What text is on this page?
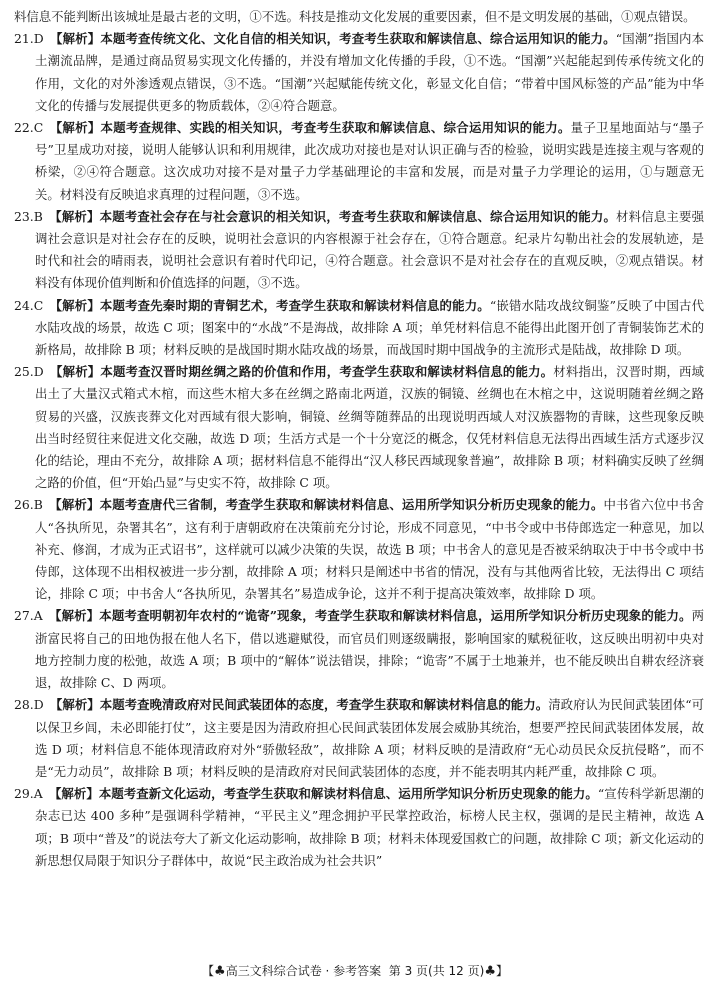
料信息不能判断出该城址是最古老的文明，①不选。科技是推动文化发展的重要因素，但不是文明发展的基础，①观点错误。

21.D  【解析】本题考查传统文化、文化自信的相关知识，考查考生获取和解读信息、综合运用知识的能力。“国潮”指国内本土潮流品牌，是通过商品贸易实现文化传播的，并没有增加文化传播的手段，①不选。“国潮”兴起能起到传承传统文化的作用，文化的对外渗透观点错误，③不选。“国潮”兴起赋能传统文化，彰显文化自信；“带着中国风标签的产品”能为中华文化的传播与发展提供更多的物质载体，②④符合题意。

22.C  【解析】本题考查规律、实践的相关知识，考查考生获取和解读信息、综合运用知识的能力。量子卫星地面站与“墨子号”卫星成功对接，说明人能够认识和利用规律，此次成功对接也是对认识正确与否的检验，说明实践是连接主观与客观的桥梁，②④符合题意。这次成功对接不是对量子力学基础理论的丰富和发展，而是对量子力学理论的运用，①与题意无关。材料没有反映追求真理的过程问题，③不选。

23.B  【解析】本题考查社会存在与社会意识的相关知识，考查考生获取和解读信息、综合运用知识的能力。材料信息主要强调社会意识是对社会存在的反映，说明社会意识的内容根源于社会存在，①符合题意。纪录片勾勒出社会的发展轨迹，是时代和社会的晴雨表，说明社会意识有着时代印记，④符合题意。社会意识不是对社会存在的直观反映，②观点错误。材料没有体现价值判断和价值选择的问题，③不选。

24.C  【解析】本题考查先秦时期的青铜艺术，考查学生获取和解读材料信息的能力。“嵌错水陆攻战纹铜鉴”反映了中国古代水陆攻战的场景，故选 C 项；图案中的“水战”不是海战，故排除 A 项；单凭材料信息不能得出此图开创了青铜装饰艺术的新格局，故排除 B 项；材料反映的是战国时期水陆攻战的场景，而战国时期中国战争的主流形式是陆战，故排除 D 项。

25.D  【解析】本题考查汉晋时期丝绸之路的价值和作用，考查学生获取和解读材料信息的能力。材料指出，汉晋时期，西域出土了大量汉式箱式木棺，而这些木棺大多在丝绸之路南北两道，汉族的铜镜、丝绸也在木棺之中，这说明随着丝绸之路贸易的兴盛，汉族丧葬文化对西域有很大影响，铜镜、丝绸等随葬品的出现说明西域人对汉族器物的青睐，这些现象反映出当时经贸往来促进文化交融，故选 D 项；生活方式是一个十分宽泛的概念，仅凭材料信息无法得出西域生活方式逐步汉化的结论，理由不充分，故排除 A 项；据材料信息不能得出“汉人移民西域现象普遍”，故排除 B 项；材料确实反映了丝绸之路的价值，但“开始凸显”与史实不符，故排除 C 项。

26.B  【解析】本题考查唐代三省制，考查学生获取和解读材料信息、运用所学知识分析历史现象的能力。中书省六位中书舍人“各执所见，杂署其名”，这有利于唐朝政府在决策前充分讨论，形成不同意见，“中书令或中书侍郎选定一种意见，加以补充、修润，才成为正式诏书”，这样就可以减少决策的失误，故选 B 项；中书舍人的意见是否被采纳取决于中书令或中书侍郎，这体现不出相权被进一步分割，故排除 A 项；材料只是阐述中书省的情况，没有与其他两省比较，无法得出 C 项结论，排除 C 项；中书舍人“各执所见，杂署其名”易造成争论，这并不利于提高决策效率，故排除 D 项。

27.A  【解析】本题考查明朝初年农村的“诡寄”现象，考查学生获取和解读材料信息，运用所学知识分析历史现象的能力。两浙富民将自己的田地伪报在他人名下，借以逃避赋役，而官员们则逐级瞒报，影响国家的赋税征收，这反映出明初中央对地方控制力度的松弛，故选 A 项；B 项中的“解体”说法错误，排除；“诡寄”不属于土地兼并，也不能反映出自耕农经济衰退，故排除 C、D 两项。

28.D  【解析】本题考查晚清政府对民间武装团体的态度，考查学生获取和解读材料信息的能力。清政府认为民间武装团体“可以保卫乡闾，未必即能打仗”，这主要是因为清政府担心民间武装团体发展会威胁其统治，想要严控民间武装团体发展，故选 D 项；材料信息不能体现清政府对外“骄傲轻敌”，故排除 A 项；材料反映的是清政府“无心动员民众反抗侵略”，而不是“无力动员”，故排除 B 项；材料反映的是清政府对民间武装团体的态度，并不能表明其内耗严重，故排除 C 项。

29.A  【解析】本题考查新文化运动，考查学生获取和解读材料信息、运用所学知识分析历史现象的能力。“宣传科学新思潮的杂志已达 400 多种”是强调科学精神，“平民主义”理念拥护平民掌控政治，标榜人民主权，强调的是民主精神，故选 A 项；B 项中“普及”的说法夸大了新文化运动影响，故排除 B 项；材料未体现爱国救亡的问题，故排除 C 项；新文化运动的新思想仅局限于知识分子群体中，故说“民主政治成为社会共识”

【♣高三文科综合试卷 · 参考答案 第 3 页(共 12 页)♣】
